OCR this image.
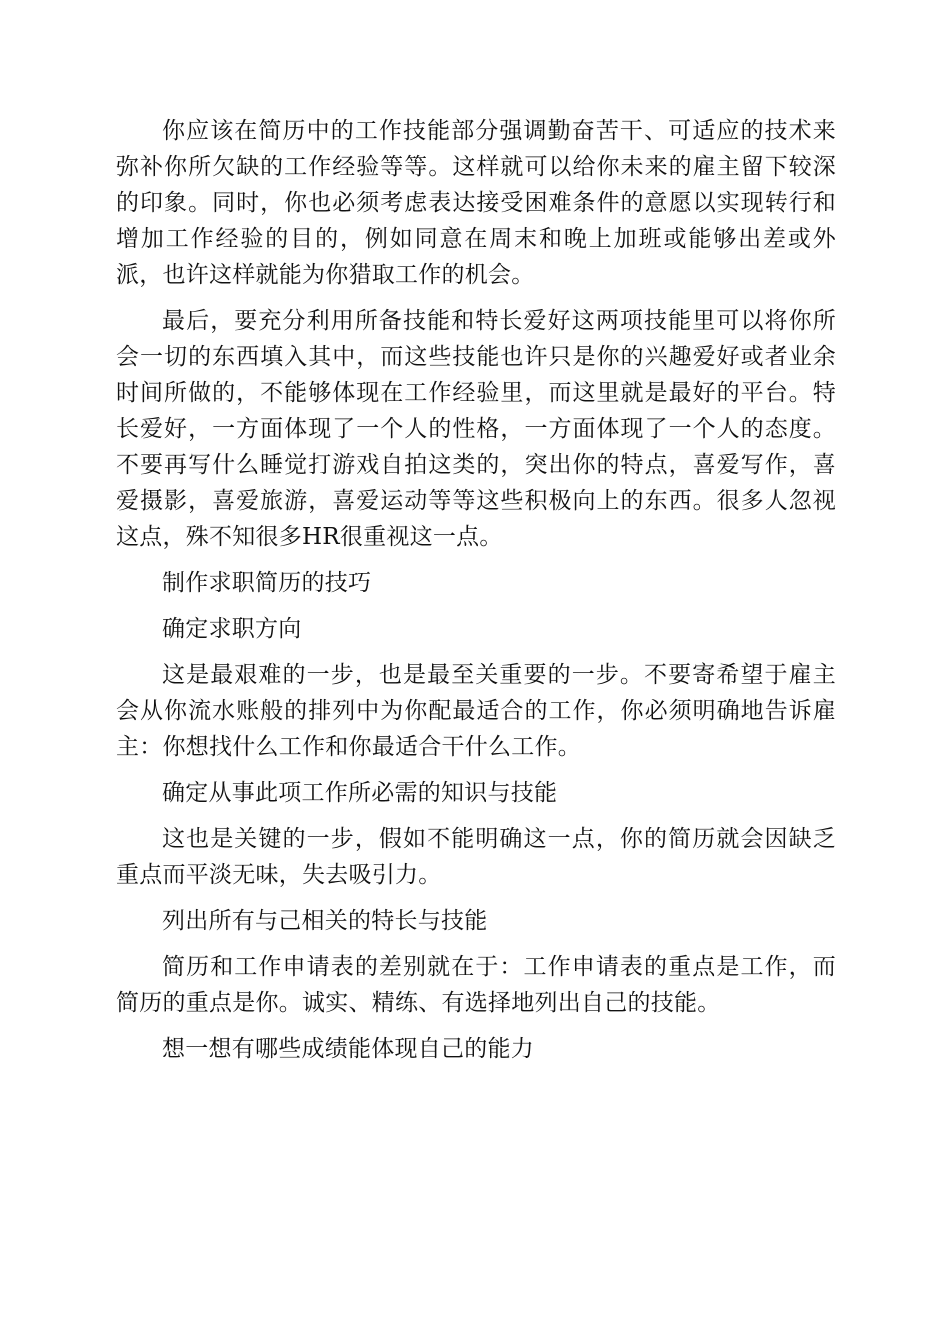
你应该在简历中的工作技能部分强调勤奋苦干、可适应的技术来弥补你所欠缺的工作经验等等。这样就可以给你未来的雇主留下较深的印象。同时，你也必须考虑表达接受困难条件的意愿以实现转行和增加工作经验的目的，例如同意在周末和晚上加班或能够出差或外派，也许这样就能为你猎取工作的机会。

最后，要充分利用所备技能和特长爱好这两项技能里可以将你所会一切的东西填入其中，而这些技能也许只是你的兴趣爱好或者业余时间所做的，不能够体现在工作经验里，而这里就是最好的平台。特长爱好，一方面体现了一个人的性格，一方面体现了一个人的态度。不要再写什么睡觉打游戏自拍这类的，突出你的特点，喜爱写作，喜爱摄影，喜爱旅游，喜爱运动等等这些积极向上的东西。很多人忽视这点，殊不知很多HR很重视这一点。

制作求职简历的技巧

确定求职方向

这是最艰难的一步，也是最至关重要的一步。不要寄希望于雇主会从你流水账般的排列中为你配最适合的工作，你必须明确地告诉雇主：你想找什么工作和你最适合干什么工作。

确定从事此项工作所必需的知识与技能

这也是关键的一步，假如不能明确这一点，你的简历就会因缺乏重点而平淡无味，失去吸引力。

列出所有与己相关的特长与技能

简历和工作申请表的差别就在于：工作申请表的重点是工作，而简历的重点是你。诚实、精练、有选择地列出自己的技能。

想一想有哪些成绩能体现自己的能力
